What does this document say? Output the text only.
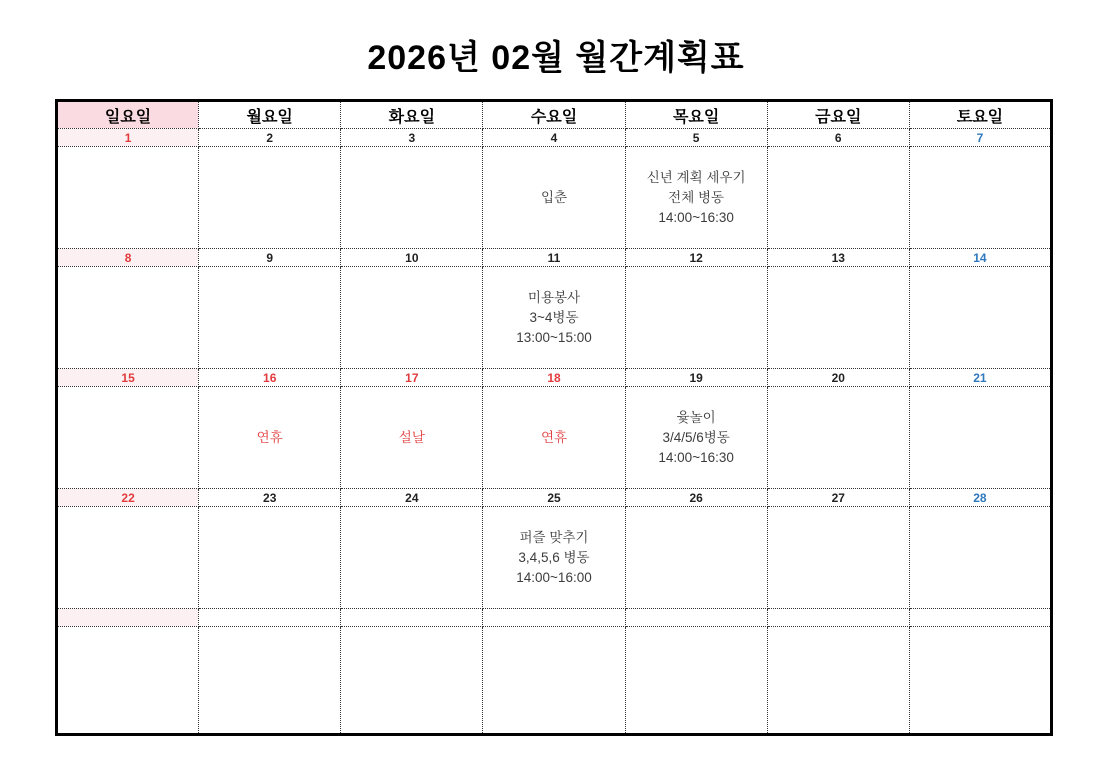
2026년 02월 월간계획표
일요일	월요일	화요일	수요일	목요일	금요일	토요일
1	2	3	4	5	6	7

			입춘	신년 계획 세우기
전체 병동
14:00~16:30		

8	9	10	11	12	13	14

			미용봉사
3~4병동
13:00~15:00			

15	16	17	18	19	20	21

	연휴	설날	연휴	윷놀이
3/4/5/6병동
14:00~16:30		

22	23	24	25	26	27	28

			퍼즐 맞추기
3,4,5,6 병동
14:00~16:00			
